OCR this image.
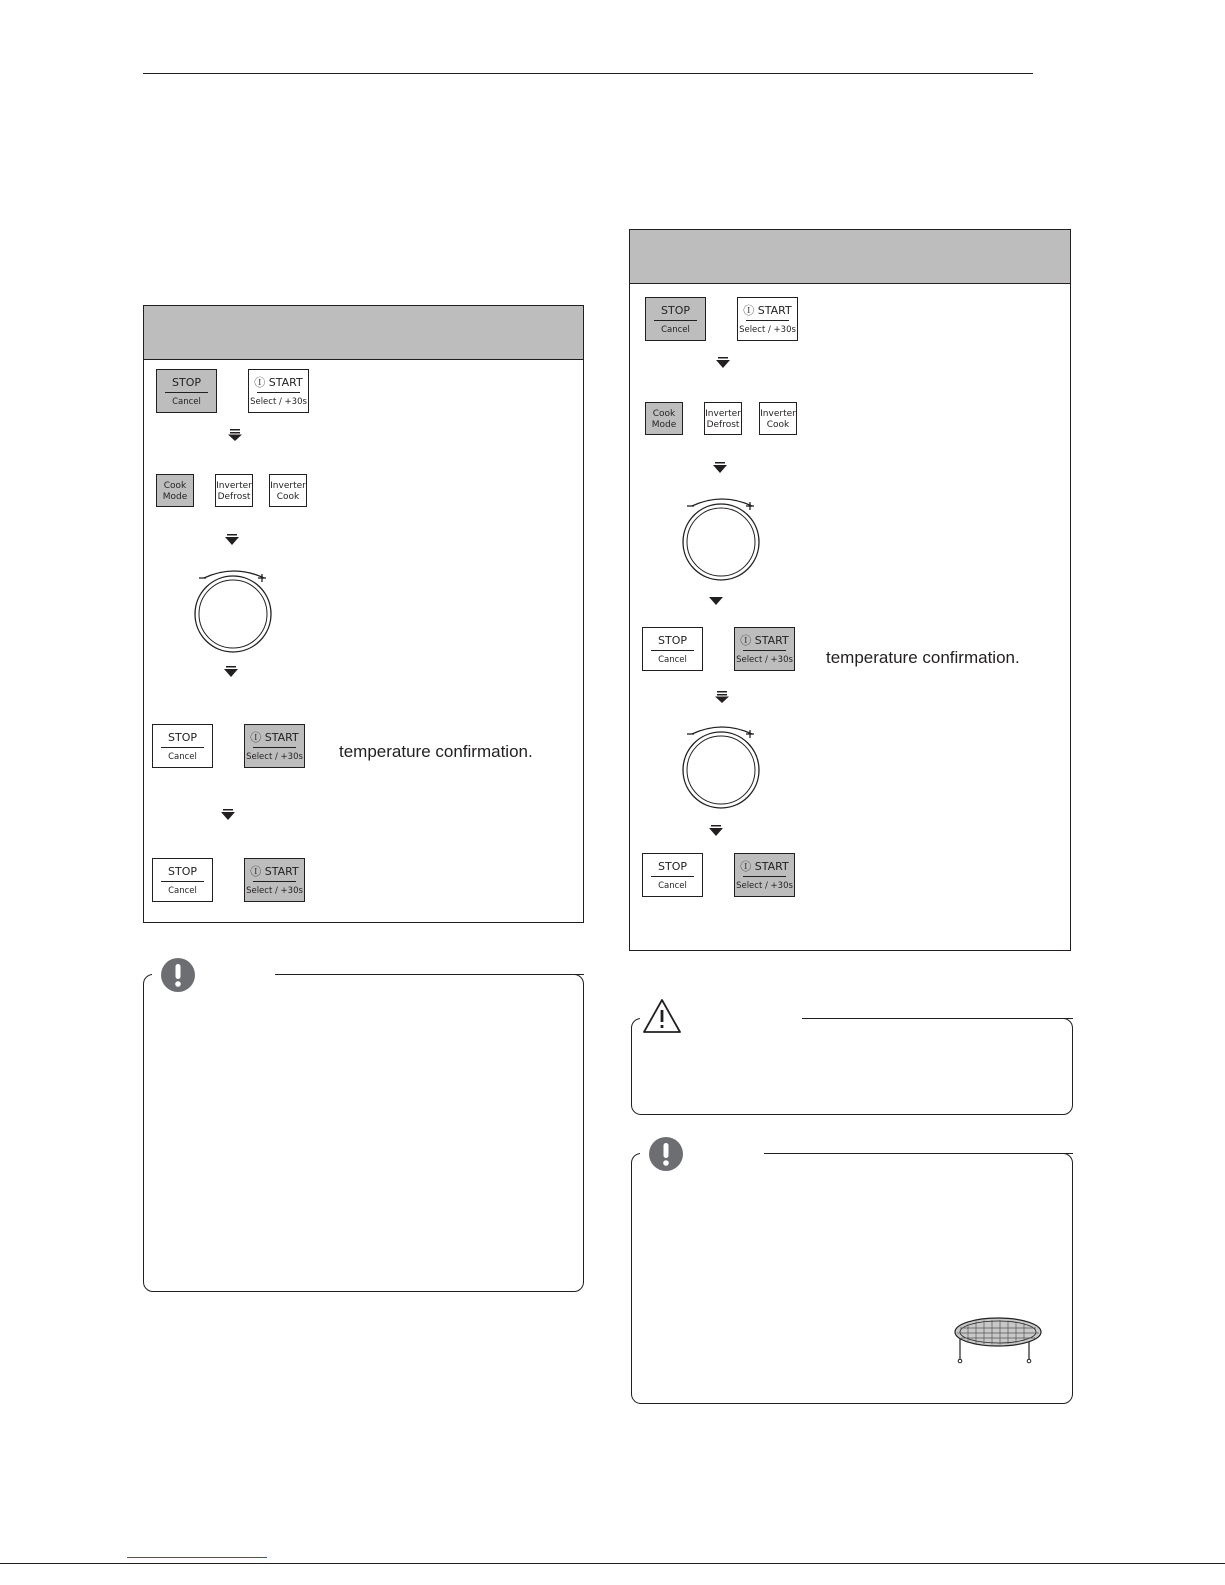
STOP
Cancel
Ⓘ START
Select / +30s
Cook
Mode
Inverter
Defrost
Inverter
Cook
STOP
Cancel
Ⓘ START
Select / +30s temperature confirmation.
STOP
Cancel
Ⓘ START
Select / +30s
STOP
Cancel
Ⓘ START
Select / +30s
Cook
Mode
Inverter
Defrost
Inverter
Cook
STOP
Cancel
Ⓘ START
Select / +30s temperature confirmation.
STOP
Cancel
Ⓘ START
Select / +30s
